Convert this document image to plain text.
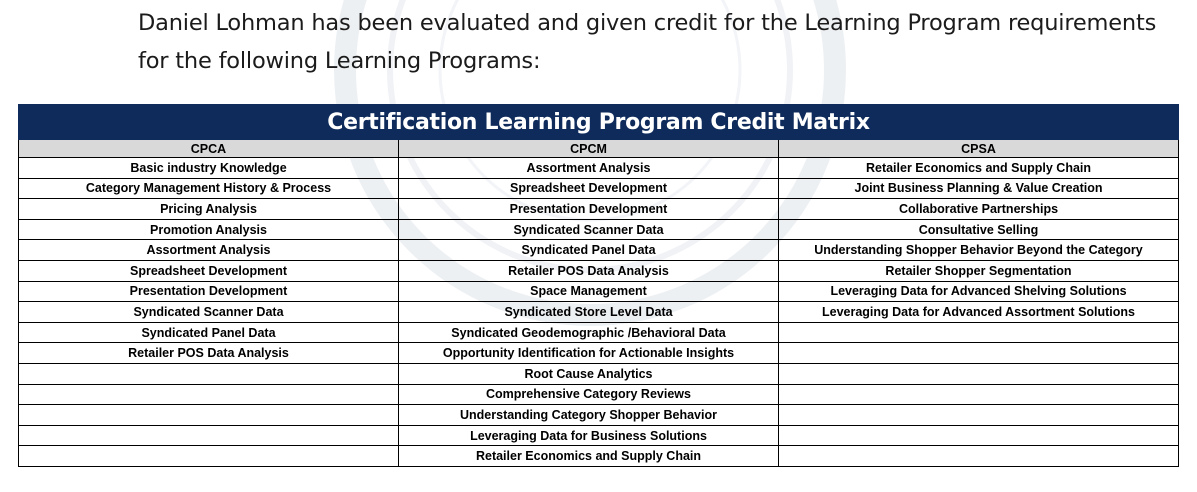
Daniel Lohman has been evaluated and given credit for the Learning Program requirements
for the following Learning Programs:
Certification Learning Program Credit Matrix		
CPCA	CPCM	CPSA
Basic industry Knowledge	Assortment Analysis	Retailer Economics and Supply Chain
Category Management History & Process	Spreadsheet Development	Joint Business Planning & Value Creation
Pricing Analysis	Presentation Development	Collaborative Partnerships
Promotion Analysis	Syndicated Scanner Data	Consultative Selling
Assortment Analysis	Syndicated Panel Data	Understanding Shopper Behavior Beyond the Category
Spreadsheet Development	Retailer POS Data Analysis	Retailer Shopper Segmentation
Presentation Development	Space Management	Leveraging Data for Advanced Shelving Solutions
Syndicated Scanner Data	Syndicated Store Level Data	Leveraging Data for Advanced Assortment Solutions
Syndicated Panel Data	Syndicated Geodemographic /Behavioral Data	
Retailer POS Data Analysis	Opportunity Identification for Actionable Insights	
	Root Cause Analytics	
	Comprehensive Category Reviews	
	Understanding Category Shopper Behavior	
	Leveraging Data for Business Solutions	
	Retailer Economics and Supply Chain	
